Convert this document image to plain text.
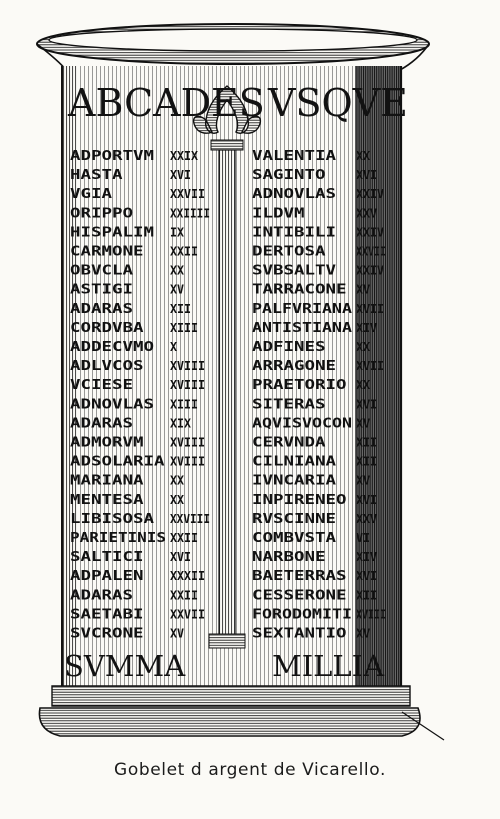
ABCADES VSQVE
SVMMA	MILLIA
ADPORTVM XXIX
HASTA	XVI
VGIA	XXVII
ORIPPO	XXIIII
HISPALIM IX
CARMONE XXII
OBVCLA	XX
ASTIGI	XV
ADARAS	XII
CORDVBA XIII
ADDECVMO X
ADLVCOS XVIII
VCIESE	XVIII
ADNOVLAS XIII
ADARAS	XIX
ADMORVM XVIII
ADSOLARIA XVIII
MARIANA XX
MENTESA XX
LIBISOSA XXVIII
PARIETINIS XXII
SALTICI XVI
ADPALEN XXXII
ADARAS	XXII
SAETABI XXVII
SVCRONE XV
VALENTIA XX
SAGINTO	XVI
ADNOVLAS XXIV
ILDVM	XXV
INTIBILI XXIV
DERTOSA	XXVII
SVBSALTV XXIV
TARRACONE XV
PALFVRIANA XVII
ANTISTIANA XIV
ADFINES	XX
ARRAGONE XVII
PRAETORIO XX
SITERAS	XVI
AQVISVOCON XV
CERVNDA	XII
CILNIANA XII
IVNCARIA XV
INPIRENEO XVI
RVSCINNE XXV
COMBVSTA VI
NARBONE	XIV
BAETERRAS XVI
CESSERONE XII
FORODOMITI XVIII
SEXTANTIO XV
Gobelet d argent de Vicarello.
